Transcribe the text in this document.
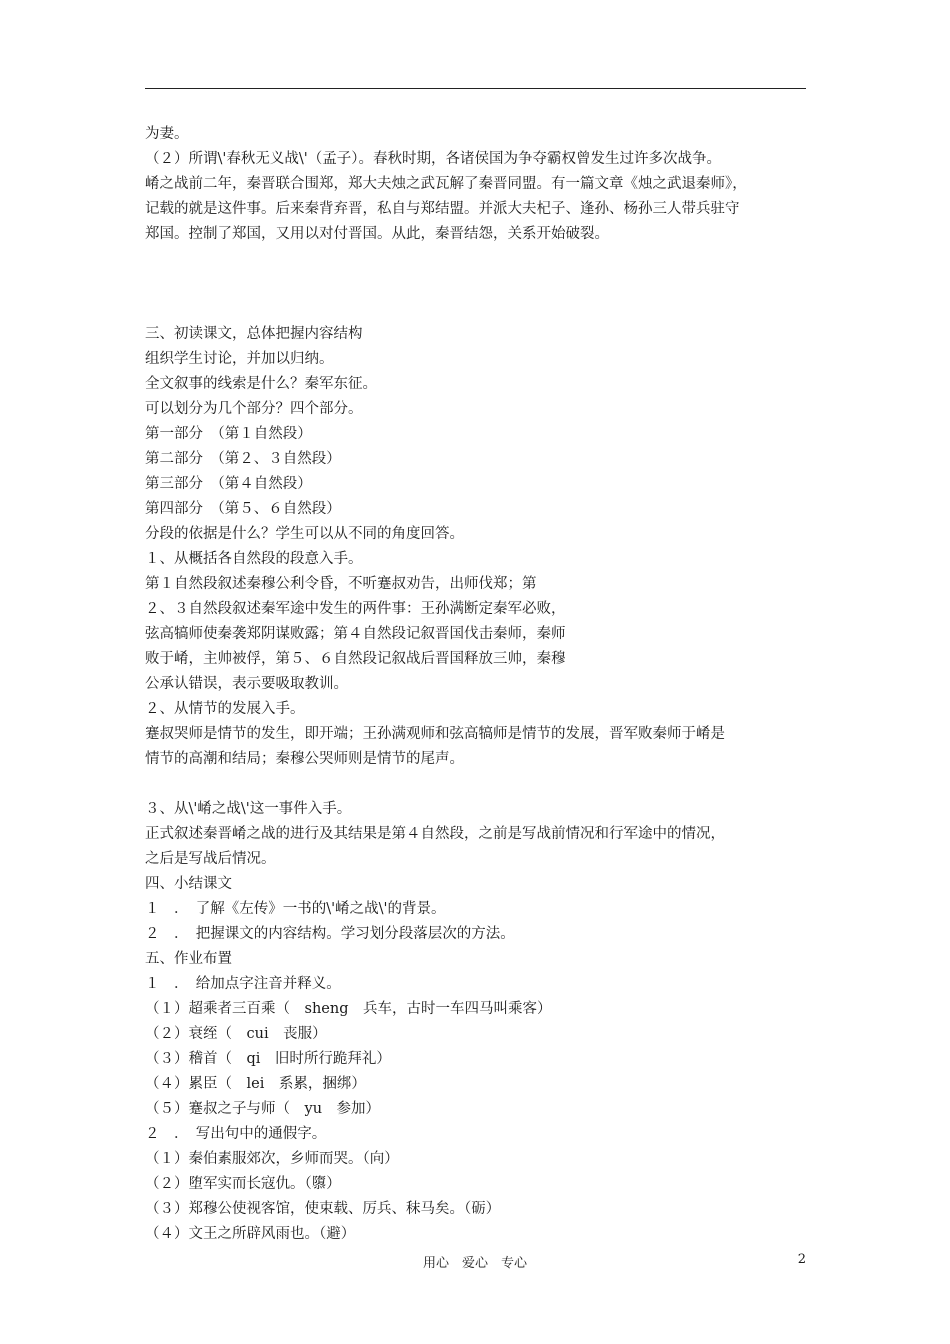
为妻。
（２）所谓\'春秋无义战\'（孟子）。春秋时期，各诸侯国为争夺霸权曾发生过许多次战争。
崤之战前二年，秦晋联合围郑，郑大夫烛之武瓦解了秦晋同盟。有一篇文章《烛之武退秦师》，
记载的就是这件事。后来秦背弃晋，私自与郑结盟。并派大夫杞子、逢孙、杨孙三人带兵驻守
郑国。控制了郑国，又用以对付晋国。从此，秦晋结怨，关系开始破裂。
三、初读课文，总体把握内容结构
组织学生讨论，并加以归纳。
全文叙事的线索是什么？秦军东征。
可以划分为几个部分？四个部分。
第一部分　（第１自然段）
第二部分　（第２、３自然段）
第三部分　（第４自然段）
第四部分　（第５、６自然段）
分段的依据是什么？学生可以从不同的角度回答。
１、从概括各自然段的段意入手。
第１自然段叙述秦穆公利令昏，不听蹇叔劝告，出师伐郑；第
２、３自然段叙述秦军途中发生的两件事：王孙满断定秦军必败，
弦高犒师使秦袭郑阴谋败露；第４自然段记叙晋国伐击秦师，秦师
败于崤，主帅被俘，第５、６自然段记叙战后晋国释放三帅，秦穆
公承认错误，表示要吸取教训。
２、从情节的发展入手。
蹇叔哭师是情节的发生，即开端；王孙满观师和弦高犒师是情节的发展，晋军败秦师于崤是
情节的高潮和结局；秦穆公哭师则是情节的尾声。
３、从\'崤之战\'这一事件入手。
正式叙述秦晋崤之战的进行及其结果是第４自然段，之前是写战前情况和行军途中的情况，
之后是写战后情况。
四、小结课文
１　．　了解《左传》一书的\'崤之战\'的背景。
２　．　把握课文的内容结构。学习划分段落层次的方法。
五、作业布置
１　．　给加点字注音并释义。
（１）超乘者三百乘（　sheng　兵车，古时一车四马叫乘客）
（２）衰绖（　cui　丧服）
（３）稽首（　qi　旧时所行跪拜礼）
（４）累臣（　lei　系累，捆绑）
（５）蹇叔之子与师（　yu　参加）
２　．　写出句中的通假字。
（１）秦伯素服郊次，乡师而哭。（向）
（２）堕军实而长寇仇。（隳）
（３）郑穆公使视客馆，使束载、厉兵、秣马矣。（砺）
（４）文王之所辟风雨也。（避）
用心　爱心　专心	2
